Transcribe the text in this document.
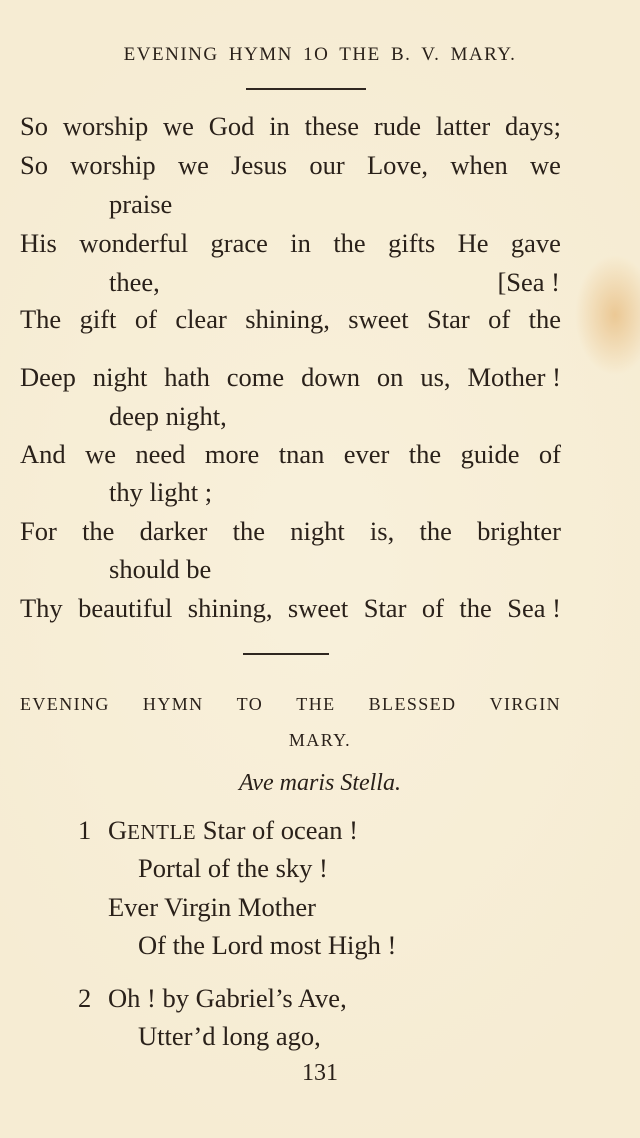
EVENING HYMN 1O THE B. V. MARY.
So worship we God in these rude latter days;
So worship we Jesus our Love, when we
praise
His wonderful grace in the gifts He gave
thee,	[Sea !
The gift of clear shining, sweet Star of the
Deep night hath come down on us, Mother !
deep night,
And we need more tnan ever the guide of
thy light ;
For the darker the night is, the brighter
should be
Thy beautiful shining, sweet Star of the Sea !
EVENING HYMN TO THE BLESSED VIRGIN
MARY.
Ave maris Stella.
1 GENTLE Star of ocean !
Portal of the sky !
Ever Virgin Mother
Of the Lord most High !
2 Oh ! by Gabriel’s Ave,
Utter’d long ago,
131
